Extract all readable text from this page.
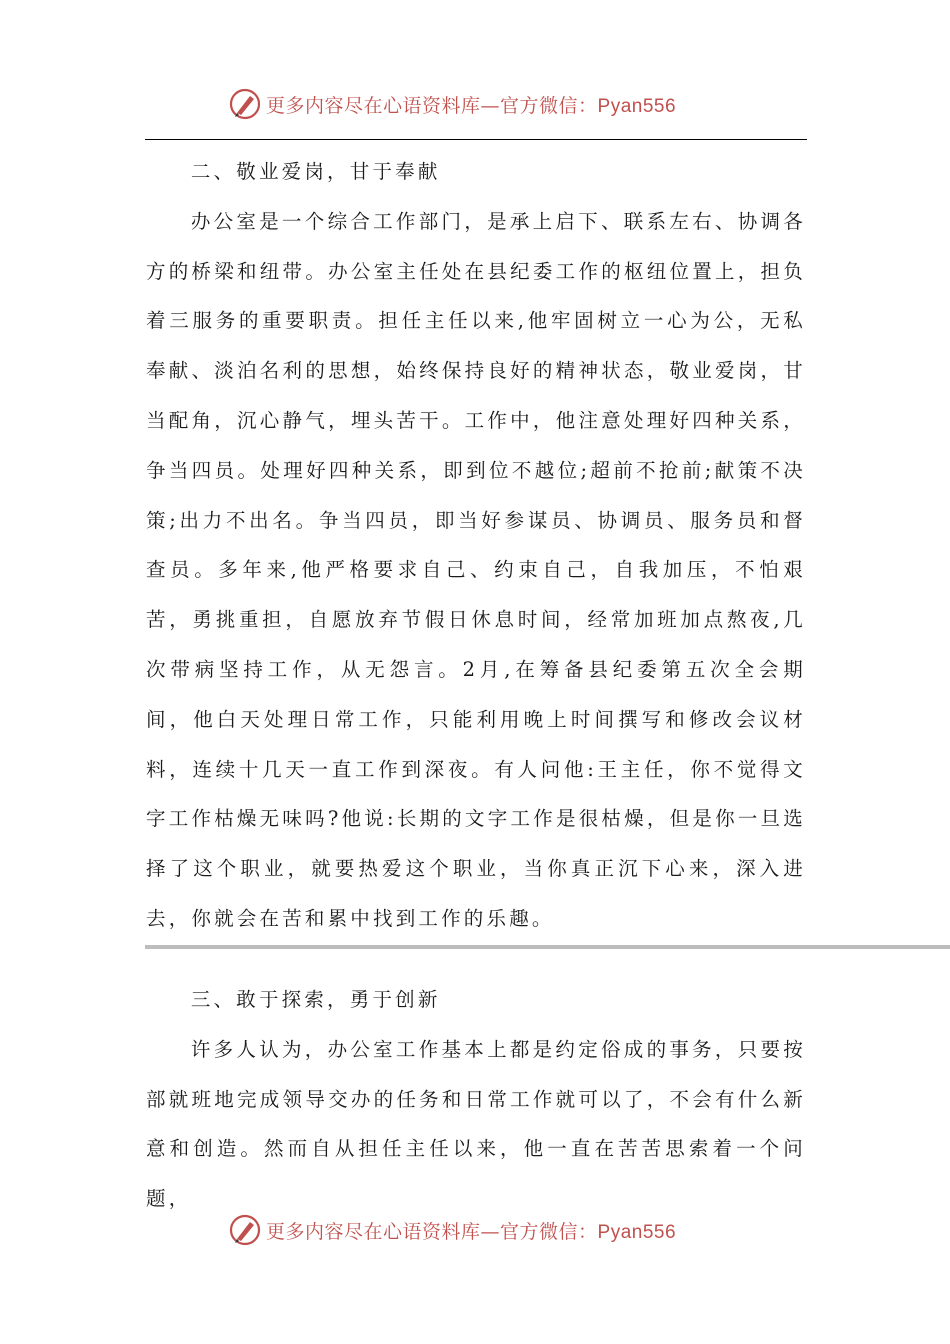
更多内容尽在心语资料库—官方微信：Pyan556
二、敬业爱岗，甘于奉献

办公室是一个综合工作部门，是承上启下、联系左右、协调各方的桥梁和纽带。办公室主任处在县纪委工作的枢纽位置上，担负着三服务的重要职责。担任主任以来,他牢固树立一心为公，无私奉献、淡泊名利的思想，始终保持良好的精神状态，敬业爱岗，甘当配角，沉心静气，埋头苦干。工作中，他注意处理好四种关系，争当四员。处理好四种关系，即到位不越位;超前不抢前;献策不决策;出力不出名。争当四员，即当好参谋员、协调员、服务员和督查员。多年来,他严格要求自己、约束自己，自我加压，不怕艰苦，勇挑重担，自愿放弃节假日休息时间，经常加班加点熬夜,几次带病坚持工作，从无怨言。2月,在筹备县纪委第五次全会期间，他白天处理日常工作，只能利用晚上时间撰写和修改会议材料，连续十几天一直工作到深夜。有人问他:王主任，你不觉得文字工作枯燥无味吗?他说:长期的文字工作是很枯燥，但是你一旦选择了这个职业，就要热爱这个职业，当你真正沉下心来，深入进去，你就会在苦和累中找到工作的乐趣。

三、敢于探索，勇于创新

许多人认为，办公室工作基本上都是约定俗成的事务，只要按部就班地完成领导交办的任务和日常工作就可以了，不会有什么新意和创造。然而自从担任主任以来，他一直在苦苦思索着一个问题，

更多内容尽在心语资料库—官方微信：Pyan556
